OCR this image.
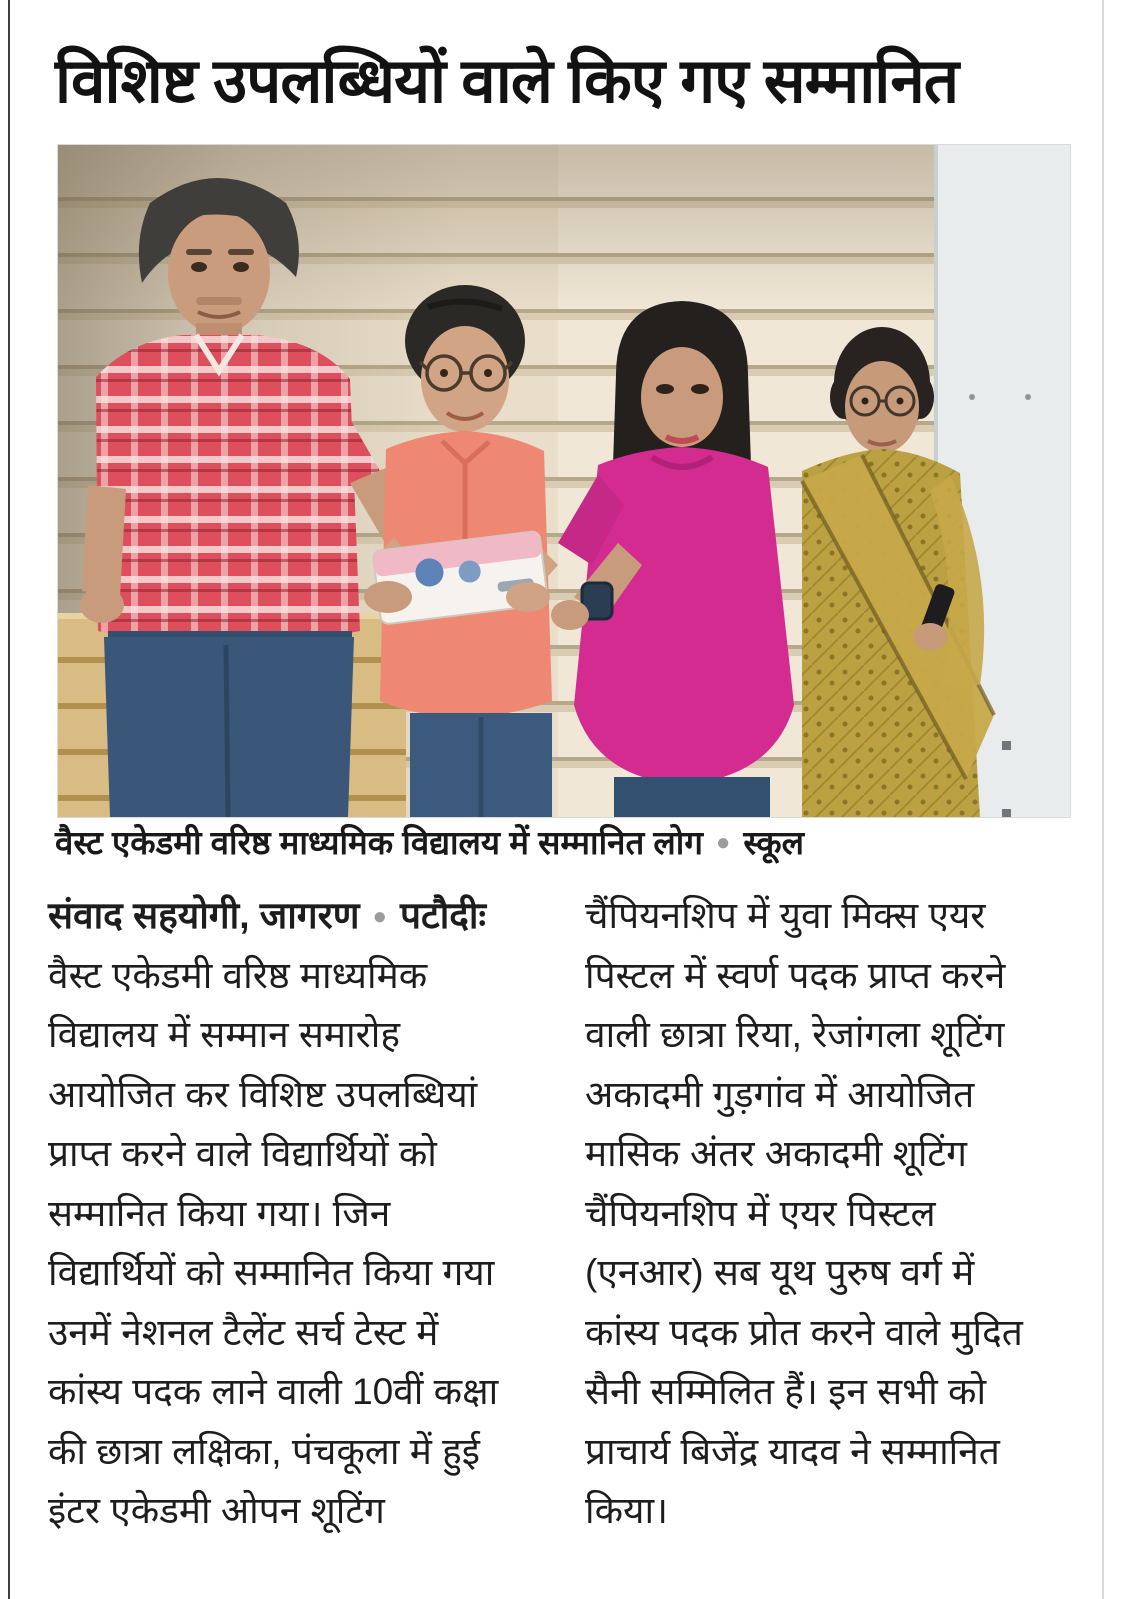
विशिष्ट उपलब्धियों वाले किए गए सम्मानित

वैस्ट एकेडमी वरिष्ठ माध्यमिक विद्यालय में सम्मानित लोग ● स्कूल

संवाद सहयोगी, जागरण ● पटौदीः

वैस्ट एकेडमी वरिष्ठ माध्यमिक

विद्यालय में सम्मान समारोह

आयोजित कर विशिष्ट उपलब्धियां

प्राप्त करने वाले विद्यार्थियों को

सम्मानित किया गया। जिन

विद्यार्थियों को सम्मानित किया गया

उनमें नेशनल टैलेंट सर्च टेस्ट में

कांस्य पदक लाने वाली 10वीं कक्षा

की छात्रा लक्षिका, पंचकूला में हुई

इंटर एकेडमी ओपन शूटिंग

चैंपियनशिप में युवा मिक्स एयर

पिस्टल में स्वर्ण पदक प्राप्त करने

वाली छात्रा रिया, रेजांगला शूटिंग

अकादमी गुड़गांव में आयोजित

मासिक अंतर अकादमी शूटिंग

चैंपियनशिप में एयर पिस्टल

(एनआर) सब यूथ पुरुष वर्ग में

कांस्य पदक प्रोत करने वाले मुदित

सैनी सम्मिलित हैं। इन सभी को

प्राचार्य बिजेंद्र यादव ने सम्मानित

किया।
